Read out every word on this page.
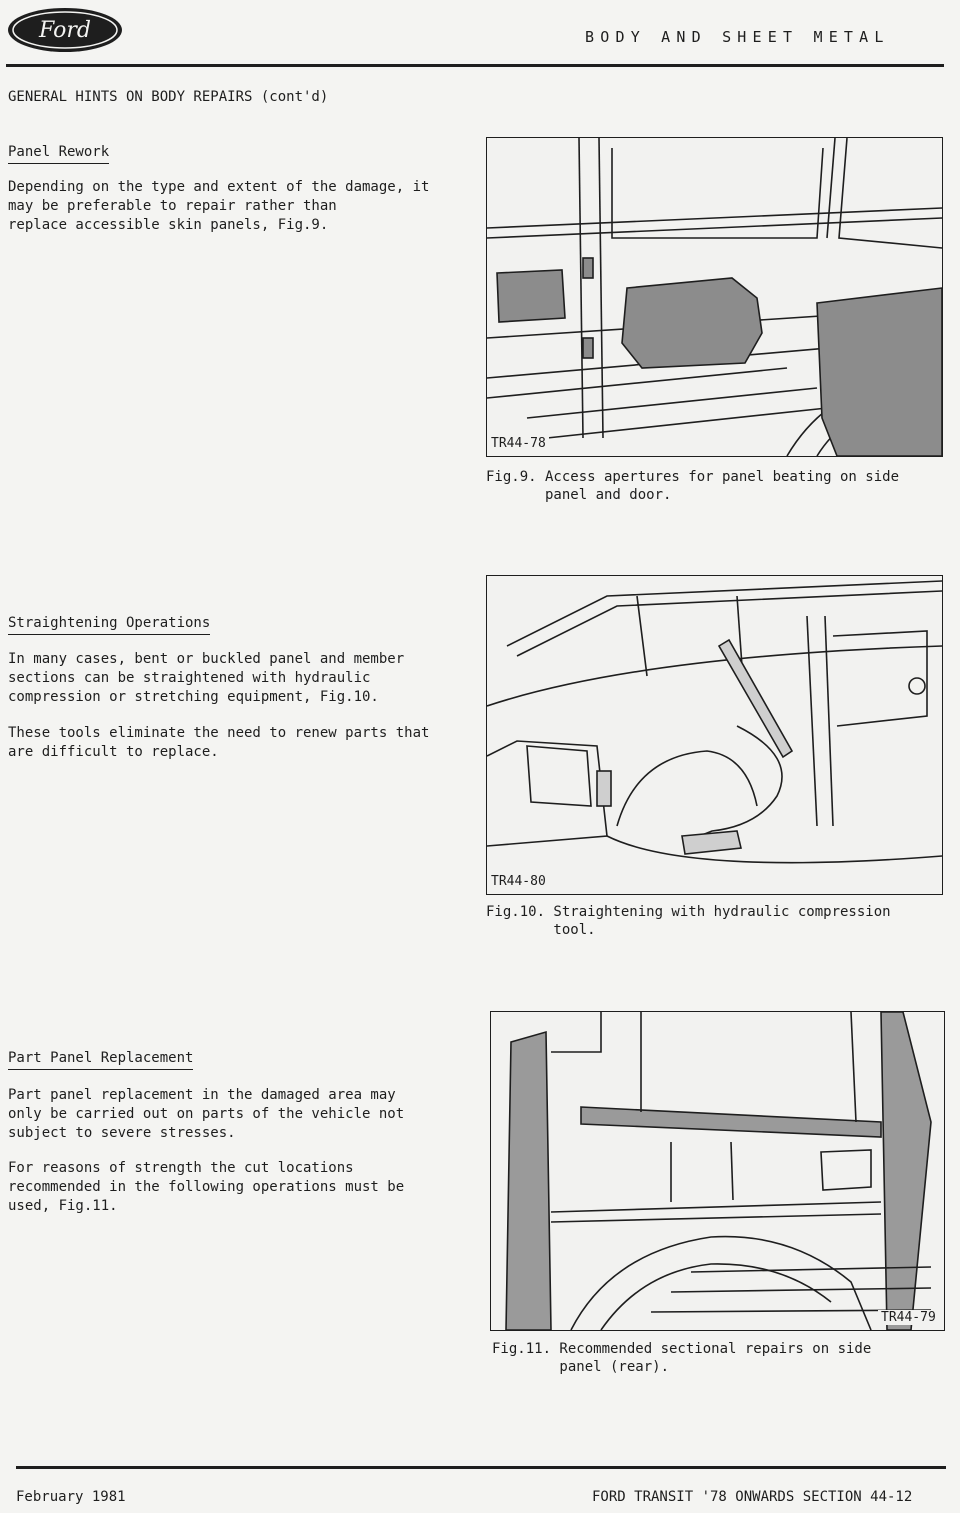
Ford	BODY AND SHEET METAL
GENERAL HINTS ON BODY REPAIRS (cont'd)
Panel Rework
Depending on the type and extent of the damage, it
may be preferable to repair rather than
replace accessible skin panels, Fig.9.
TR44-78
Fig.9. Access apertures for panel beating on side
panel and door.
Straightening Operations
In many cases, bent or buckled panel and member
sections can be straightened with hydraulic
compression or stretching equipment, Fig.10.
These tools eliminate the need to renew parts that
are difficult to replace.
TR44-80
Fig.10. Straightening with hydraulic compression
tool.
Part Panel Replacement
Part panel replacement in the damaged area may
only be carried out on parts of the vehicle not
subject to severe stresses.
For reasons of strength the cut locations
recommended in the following operations must be
used, Fig.11.
TR44-79
Fig.11. Recommended sectional repairs on side
panel (rear).
February 1981	FORD TRANSIT '78 ONWARDS SECTION 44-12
